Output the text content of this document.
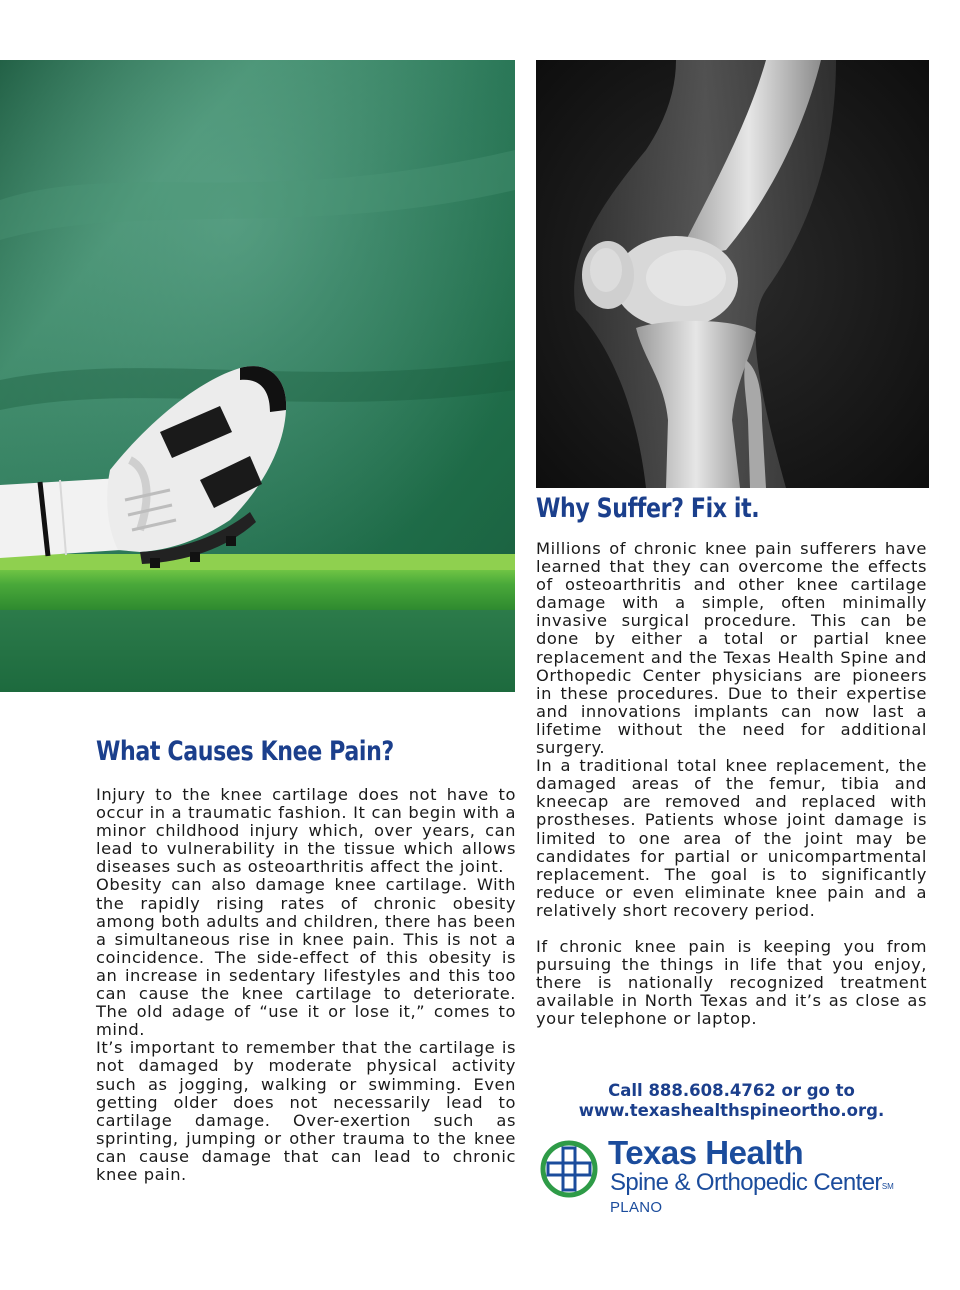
Why Suffer? Fix it.

Millions of chronic knee pain sufferers have learned that they can overcome the effects of osteoarthritis and other knee cartilage damage with a simple, often minimally invasive surgical procedure. This can be done by either a total or partial knee replacement and the Texas Health Spine and Orthopedic Center physicians are pioneers in these procedures. Due to their expertise and innovations implants can now last a lifetime without the need for additional surgery.

In a traditional total knee replacement, the damaged areas of the femur, tibia and kneecap are removed and replaced with prostheses. Patients whose joint damage is limited to one area of the joint may be candidates for partial or unicompartmental replacement. The goal is to significantly reduce or even eliminate knee pain and a relatively short recovery period.

If chronic knee pain is keeping you from pursuing the things in life that you enjoy, there is nationally recognized treatment available in North Texas and it’s as close as your telephone or laptop.

Call 888.608.4762 or go to
www.texashealthspineortho.org.
Texas Health
Spine & Orthopedic Center℠
PLANO
What Causes Knee Pain?

Injury to the knee cartilage does not have to occur in a traumatic fashion. It can begin with a minor childhood injury which, over years, can lead to vulnerability in the tissue which allows diseases such as osteoarthritis affect the joint.

Obesity can also damage knee cartilage. With the rapidly rising rates of chronic obesity among both adults and children, there has been a simultaneous rise in knee pain. This is not a coincidence. The side-effect of this obesity is an increase in sedentary lifestyles and this too can cause the knee cartilage to deteriorate. The old adage of “use it or lose it,” comes to mind.

It’s important to remember that the cartilage is not damaged by moderate physical activity such as jogging, walking or swimming. Even getting older does not necessarily lead to cartilage damage. Over-exertion such as sprinting, jumping or other trauma to the knee can cause damage that can lead to chronic knee pain.
